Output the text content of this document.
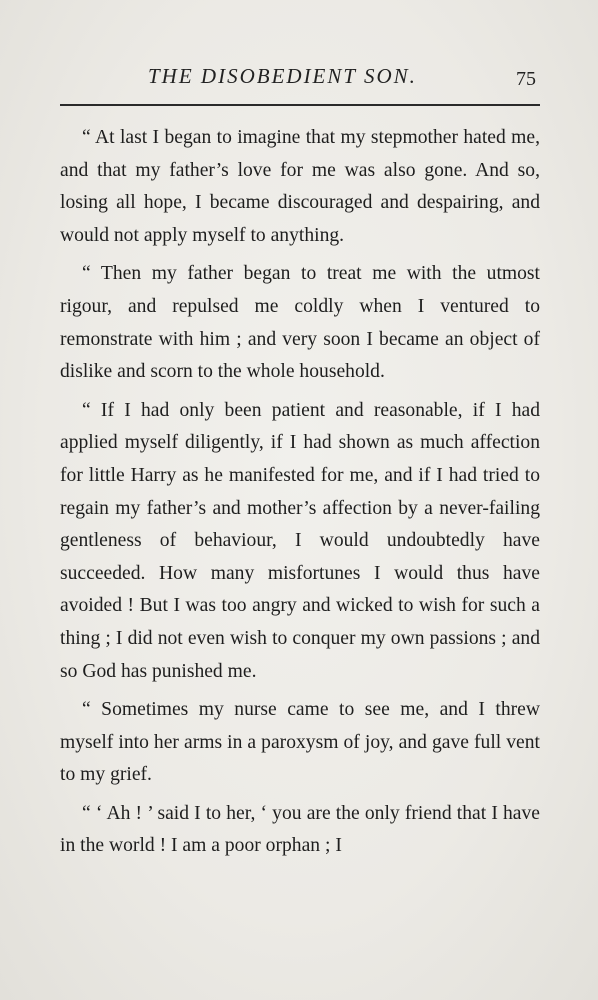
THE DISOBEDIENT SON.	75

“ At last I began to imagine that my stepmother hated me, and that my father’s love for me was also gone. And so, losing all hope, I became discouraged and despairing, and would not apply myself to anything.

“ Then my father began to treat me with the utmost rigour, and repulsed me coldly when I ventured to remonstrate with him ; and very soon I became an object of dislike and scorn to the whole household.

“ If I had only been patient and reasonable, if I had applied myself diligently, if I had shown as much affection for little Harry as he manifested for me, and if I had tried to regain my father’s and mother’s affection by a never-failing gentleness of behaviour, I would undoubtedly have succeeded. How many misfortunes I would thus have avoided ! But I was too angry and wicked to wish for such a thing ; I did not even wish to conquer my own passions ; and so God has punished me.

“ Sometimes my nurse came to see me, and I threw myself into her arms in a paroxysm of joy, and gave full vent to my grief.

“ ‘ Ah ! ’ said I to her, ‘ you are the only friend that I have in the world ! I am a poor orphan ; I
